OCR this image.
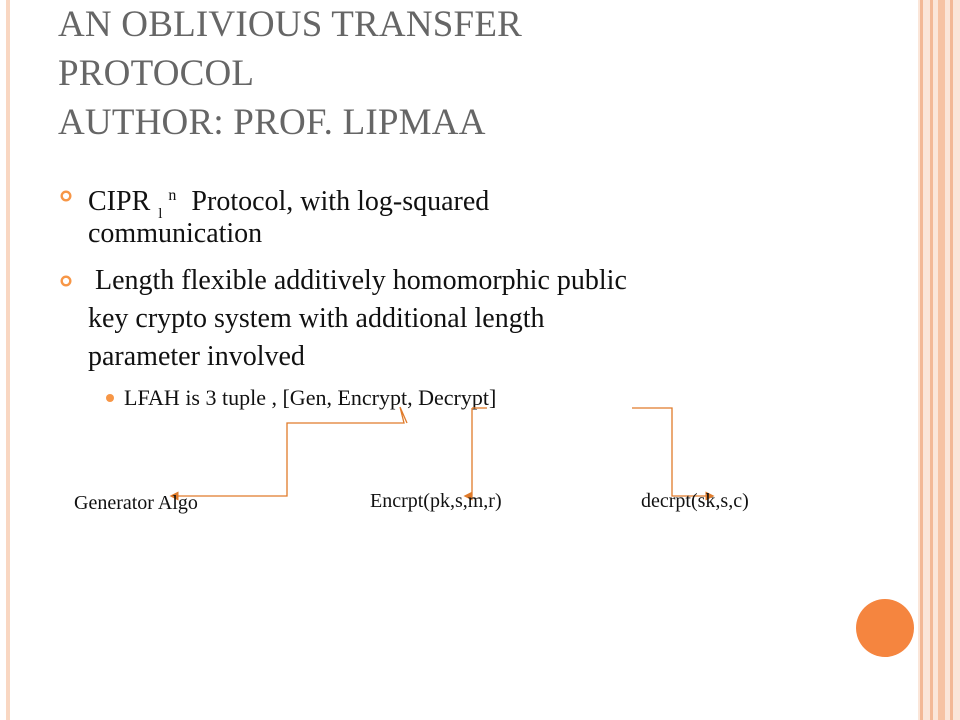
AN OBLIVIOUS TRANSFER
PROTOCOL
AUTHOR: PROF. LIPMAA

CIPR $_l^n$ Protocol, with log-squared

communication

Length flexible additively homomorphic public

key crypto system with additional length

parameter involved

LFAH is 3 tuple , [Gen, Encrypt, Decrypt]

Generator Algo	Encrpt(pk,s,m,r)	decrpt(sk,s,c)
